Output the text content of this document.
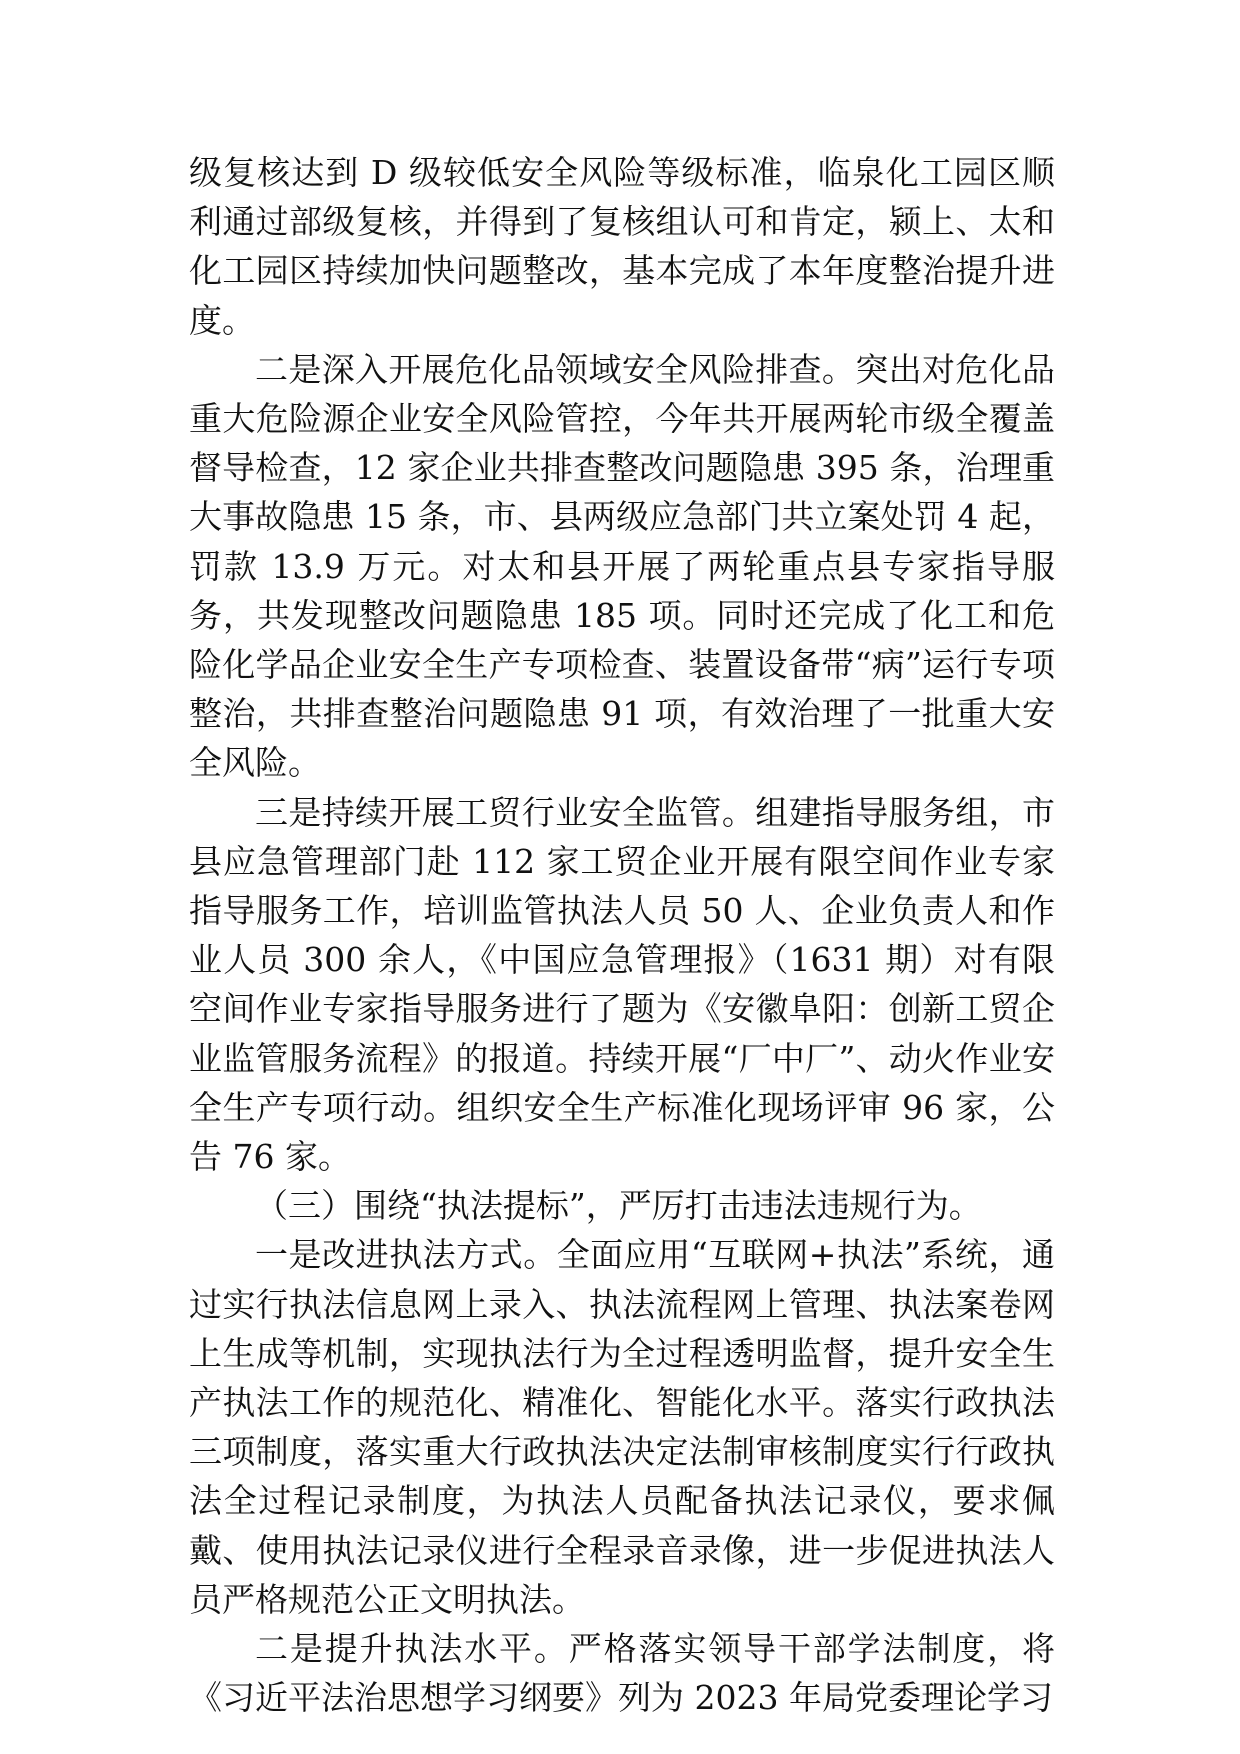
级复核达到 D 级较低安全风险等级标准，临泉化工园区顺利通过部级复核，并得到了复核组认可和肯定，颍上、太和化工园区持续加快问题整改，基本完成了本年度整治提升进度。

二是深入开展危化品领域安全风险排查。突出对危化品重大危险源企业安全风险管控，今年共开展两轮市级全覆盖督导检查，12 家企业共排查整改问题隐患 395 条，治理重大事故隐患 15 条，市、县两级应急部门共立案处罚 4 起，罚款 13.9 万元。对太和县开展了两轮重点县专家指导服务，共发现整改问题隐患 185 项。同时还完成了化工和危险化学品企业安全生产专项检查、装置设备带“病”运行专项整治，共排查整治问题隐患 91 项，有效治理了一批重大安全风险。

三是持续开展工贸行业安全监管。组建指导服务组，市县应急管理部门赴 112 家工贸企业开展有限空间作业专家指导服务工作，培训监管执法人员 50 人、企业负责人和作业人员 300 余人，《中国应急管理报》（1631 期）对有限空间作业专家指导服务进行了题为《安徽阜阳：创新工贸企业监管服务流程》的报道。持续开展“厂中厂”、动火作业安全生产专项行动。组织安全生产标准化现场评审 96 家，公告 76 家。

（三）围绕“执法提标”，严厉打击违法违规行为。

一是改进执法方式。全面应用“互联网+执法”系统，通过实行执法信息网上录入、执法流程网上管理、执法案卷网上生成等机制，实现执法行为全过程透明监督，提升安全生产执法工作的规范化、精准化、智能化水平。落实行政执法三项制度，落实重大行政执法决定法制审核制度实行行政执法全过程记录制度，为执法人员配备执法记录仪，要求佩戴、使用执法记录仪进行全程录音录像，进一步促进执法人员严格规范公正文明执法。

二是提升执法水平。严格落实领导干部学法制度，将《习近平法治思想学习纲要》列为 2023 年局党委理论学习
